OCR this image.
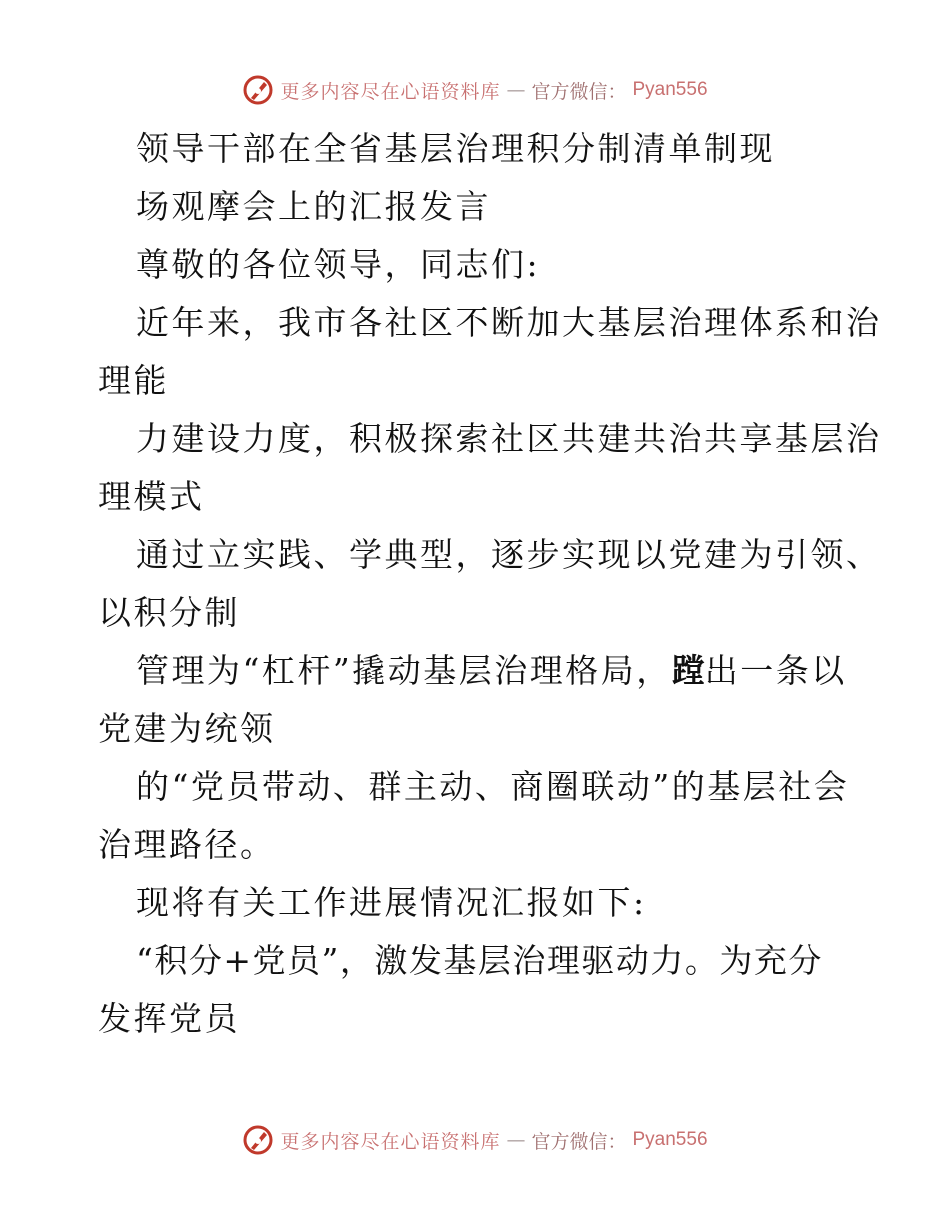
更多内容尽在心语资料库 — 官方微信： Pyan556
领导干部在全省基层治理积分制清单制现
场观摩会上的汇报发言
尊敬的各位领导，同志们:
近年来，我市各社区不断加大基层治理体系和治
理能
力建设力度，积极探索社区共建共治共享基层治
理模式
通过立实践、学典型，逐步实现以党建为引领、
以积分制
管理为“杠杆”撬动基层治理格局，蹚出一条以
党建为统领
的“党员带动、群主动、商圈联动”的基层社会
治理路径。
现将有关工作进展情况汇报如下:
“积分+党员”，激发基层治理驱动力。为充分
发挥党员
更多内容尽在心语资料库 — 官方微信： Pyan556
